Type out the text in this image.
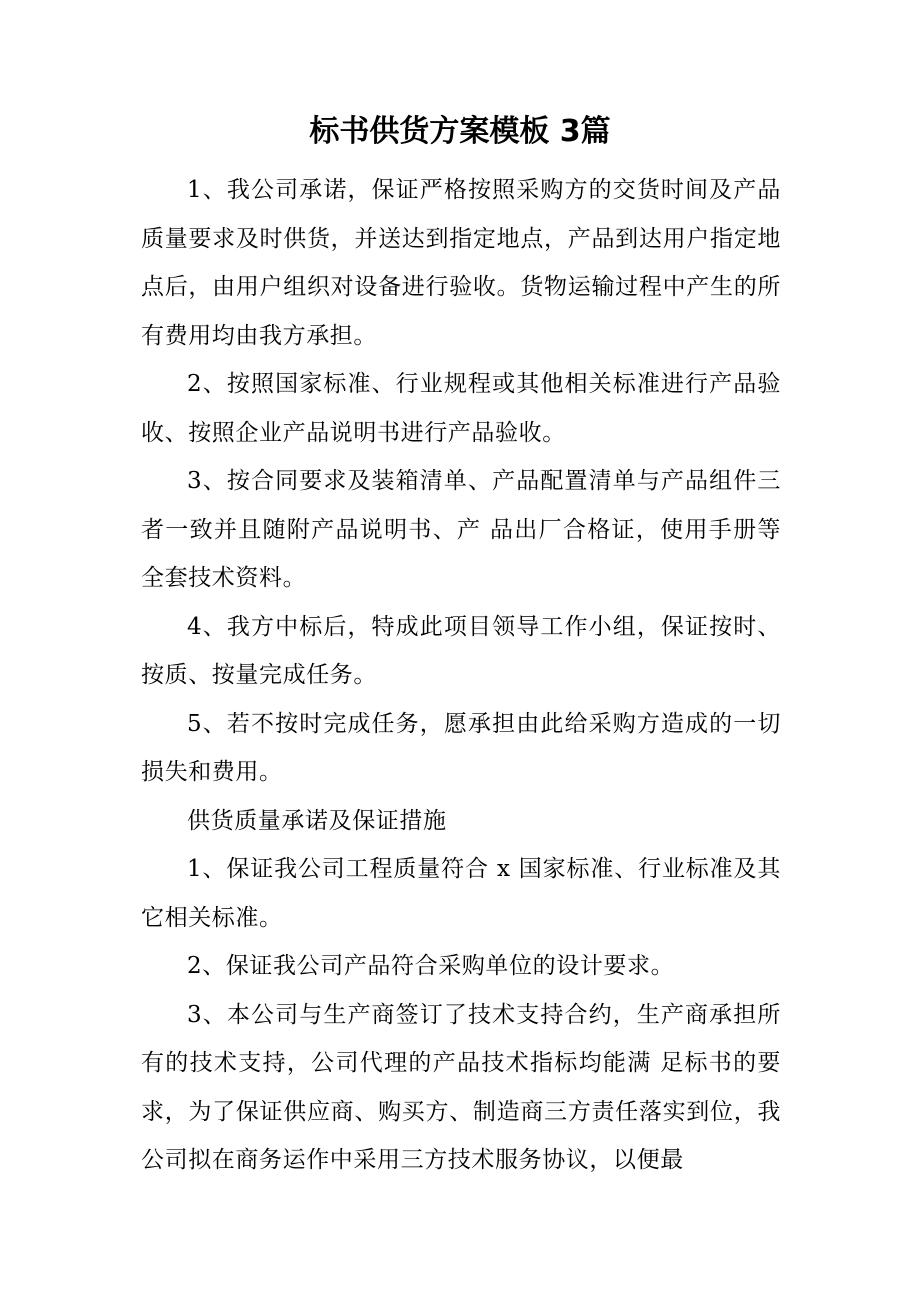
标书供货方案模板 3篇

1、我公司承诺，保证严格按照采购方的交货时间及产品质量要求及时供货，并送达到指定地点，产品到达用户指定地点后，由用户组织对设备进行验收。货物运输过程中产生的所有费用均由我方承担。

2、按照国家标准、行业规程或其他相关标准进行产品验收、按照企业产品说明书进行产品验收。

3、按合同要求及装箱清单、产品配置清单与产品组件三者一致并且随附产品说明书、产 品出厂合格证，使用手册等全套技术资料。

4、我方中标后，特成此项目领导工作小组，保证按时、按质、按量完成任务。

5、若不按时完成任务，愿承担由此给采购方造成的一切损失和费用。

供货质量承诺及保证措施

1、保证我公司工程质量符合 x 国家标准、行业标准及其它相关标准。

2、保证我公司产品符合采购单位的设计要求。

3、本公司与生产商签订了技术支持合约，生产商承担所有的技术支持，公司代理的产品技术指标均能满 足标书的要求，为了保证供应商、购买方、制造商三方责任落实到位，我公司拟在商务运作中采用三方技术服务协议，以便最
